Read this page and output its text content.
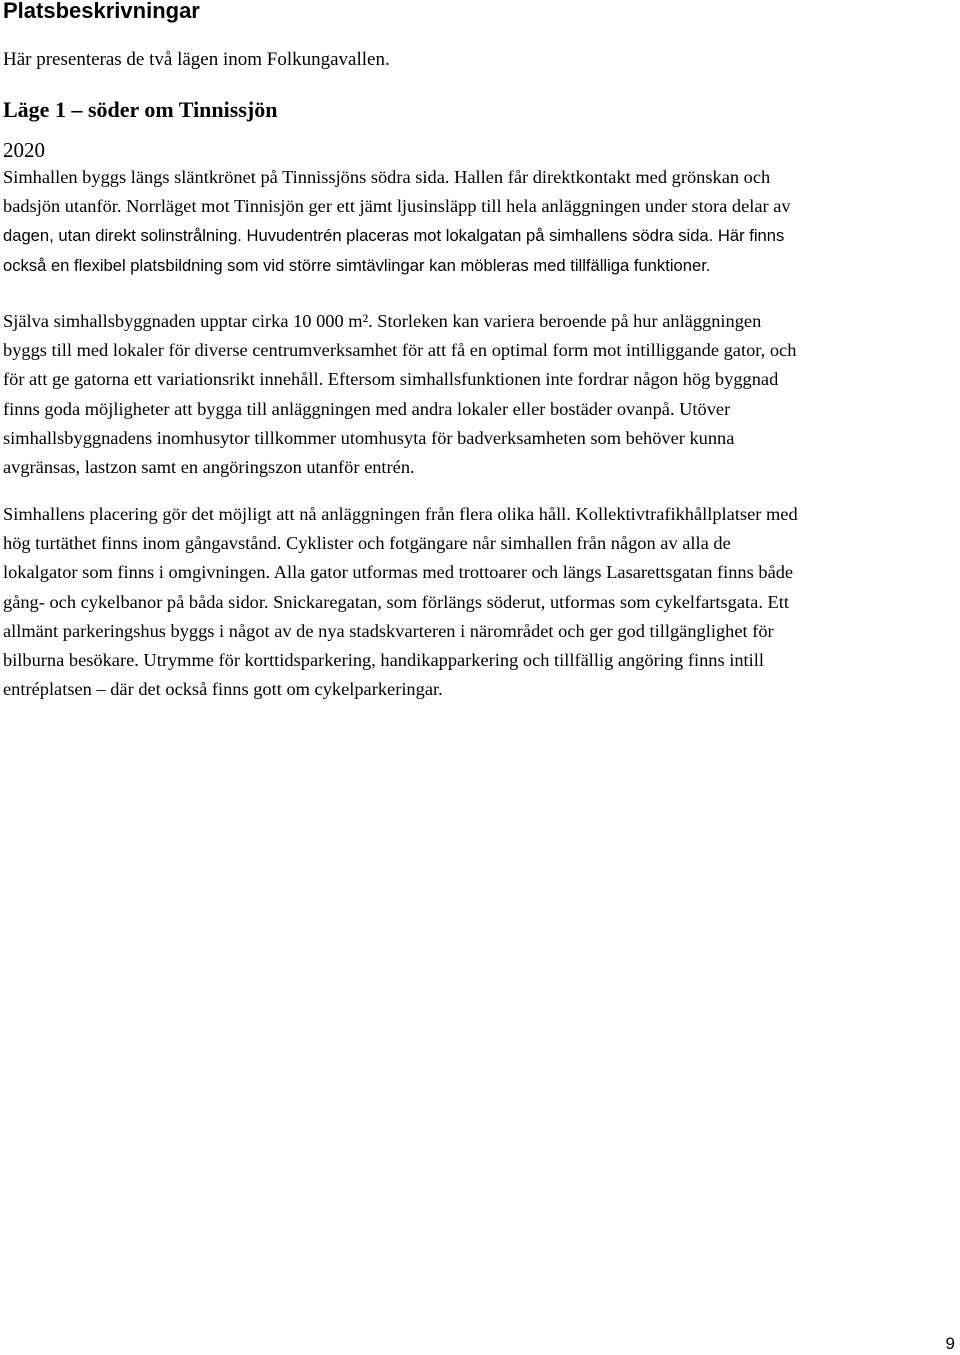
Platsbeskrivningar

Här presenteras de två lägen inom Folkungavallen.

Läge 1 – söder om Tinnissjön

2020

Simhallen byggs längs släntkrönet på Tinnissjöns södra sida. Hallen får direktkontakt med grönskan och
badsjön utanför. Norrläget mot Tinnisjön ger ett jämt ljusinsläpp till hela anläggningen under stora delar av
dagen, utan direkt solinstrålning. Huvudentrén placeras mot lokalgatan på simhallens södra sida. Här finns
också en flexibel platsbildning som vid större simtävlingar kan möbleras med tillfälliga funktioner.
Själva simhallsbyggnaden upptar cirka 10 000 m². Storleken kan variera beroende på hur anläggningen
byggs till med lokaler för diverse centrumverksamhet för att få en optimal form mot intilliggande gator, och
för att ge gatorna ett variationsrikt innehåll. Eftersom simhallsfunktionen inte fordrar någon hög byggnad
finns goda möjligheter att bygga till anläggningen med andra lokaler eller bostäder ovanpå. Utöver
simhallsbyggnadens inomhusytor tillkommer utomhusyta för badverksamheten som behöver kunna
avgränsas, lastzon samt en angöringszon utanför entrén.
Simhallens placering gör det möjligt att nå anläggningen från flera olika håll. Kollektivtrafikhållplatser med
hög turtäthet finns inom gångavstånd. Cyklister och fotgängare når simhallen från någon av alla de
lokalgator som finns i omgivningen. Alla gator utformas med trottoarer och längs Lasarettsgatan finns både
gång- och cykelbanor på båda sidor. Snickaregatan, som förlängs söderut, utformas som cykelfartsgata. Ett
allmänt parkeringshus byggs i något av de nya stadskvarteren i närområdet och ger god tillgänglighet för
bilburna besökare. Utrymme för korttidsparkering, handikapparkering och tillfällig angöring finns intill
entréplatsen – där det också finns gott om cykelparkeringar.

9
